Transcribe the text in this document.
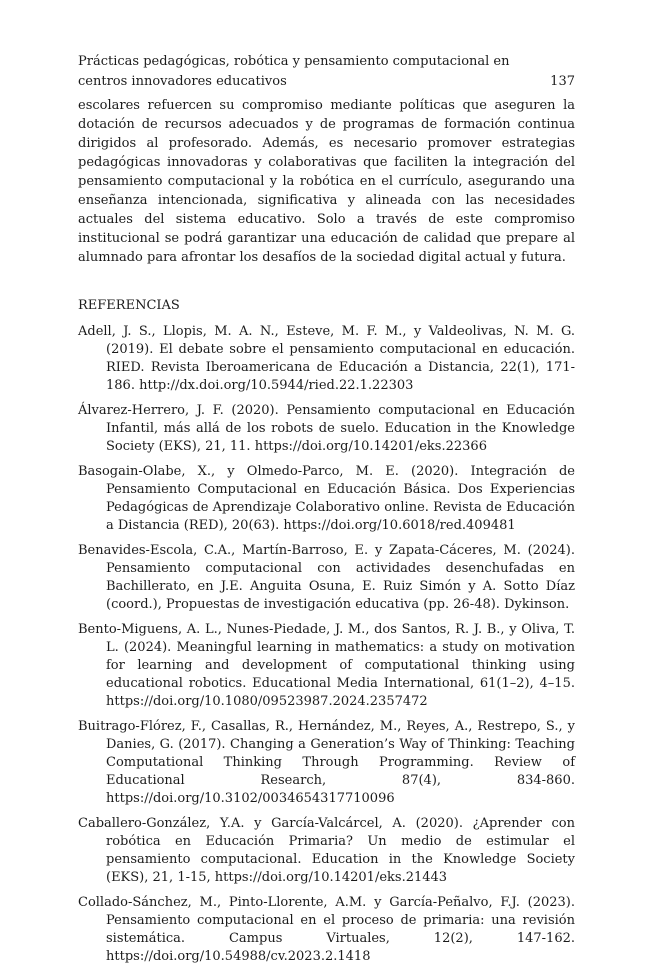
Prácticas pedagógicas, robótica y pensamiento computacional en centros innovadores educativos	137

escolares refuercen su compromiso mediante políticas que aseguren la dotación de recursos adecuados y de programas de formación continua dirigidos al profesorado. Además, es necesario promover estrategias pedagógicas innovadoras y colaborativas que faciliten la integración del pensamiento computacional y la robótica en el currículo, asegurando una enseñanza intencionada, significativa y alineada con las necesidades actuales del sistema educativo. Solo a través de este compromiso institucional se podrá garantizar una educación de calidad que prepare al alumnado para afrontar los desafíos de la sociedad digital actual y futura.

REFERENCIAS
Adell, J. S., Llopis, M. A. N., Esteve, M. F. M., y Valdeolivas, N. M. G. (2019). El debate sobre el pensamiento computacional en educación. RIED. Revista Iberoamericana de Educación a Distancia, 22(1), 171-186. http://dx.doi.org/10.5944/ried.22.1.22303
Álvarez-Herrero, J. F. (2020). Pensamiento computacional en Educación Infantil, más allá de los robots de suelo. Education in the Knowledge Society (EKS), 21, 11. https://doi.org/10.14201/eks.22366
Basogain-Olabe, X., y Olmedo-Parco, M. E. (2020). Integración de Pensamiento Computacional en Educación Básica. Dos Experiencias Pedagógicas de Aprendizaje Colaborativo online. Revista de Educación a Distancia (RED), 20(63). https://doi.org/10.6018/red.409481
Benavides-Escola, C.A., Martín-Barroso, E. y Zapata-Cáceres, M. (2024). Pensamiento computacional con actividades desenchufadas en Bachillerato, en J.E. Anguita Osuna, E. Ruiz Simón y A. Sotto Díaz (coord.), Propuestas de investigación educativa (pp. 26-48). Dykinson.
Bento-Miguens, A. L., Nunes-Piedade, J. M., dos Santos, R. J. B., y Oliva, T. L. (2024). Meaningful learning in mathematics: a study on motivation for learning and development of computational thinking using educational robotics. Educational Media International, 61(1–2), 4–15. https://doi.org/10.1080/09523987.2024.2357472
Buitrago-Flórez, F., Casallas, R., Hernández, M., Reyes, A., Restrepo, S., y Danies, G. (2017). Changing a Generation’s Way of Thinking: Teaching Computational Thinking Through Programming. Review of Educational Research, 87(4), 834-860. https://doi.org/10.3102/0034654317710096
Caballero-González, Y.A. y García-Valcárcel, A. (2020). ¿Aprender con robótica en Educación Primaria? Un medio de estimular el pensamiento computacional. Education in the Knowledge Society (EKS), 21, 1-15, https://doi.org/10.14201/eks.21443
Collado-Sánchez, M., Pinto-Llorente, A.M. y García-Peñalvo, F.J. (2023). Pensamiento computacional en el proceso de primaria: una revisión sistemática. Campus Virtuales, 12(2), 147-162. https://doi.org/10.54988/cv.2023.2.1418
